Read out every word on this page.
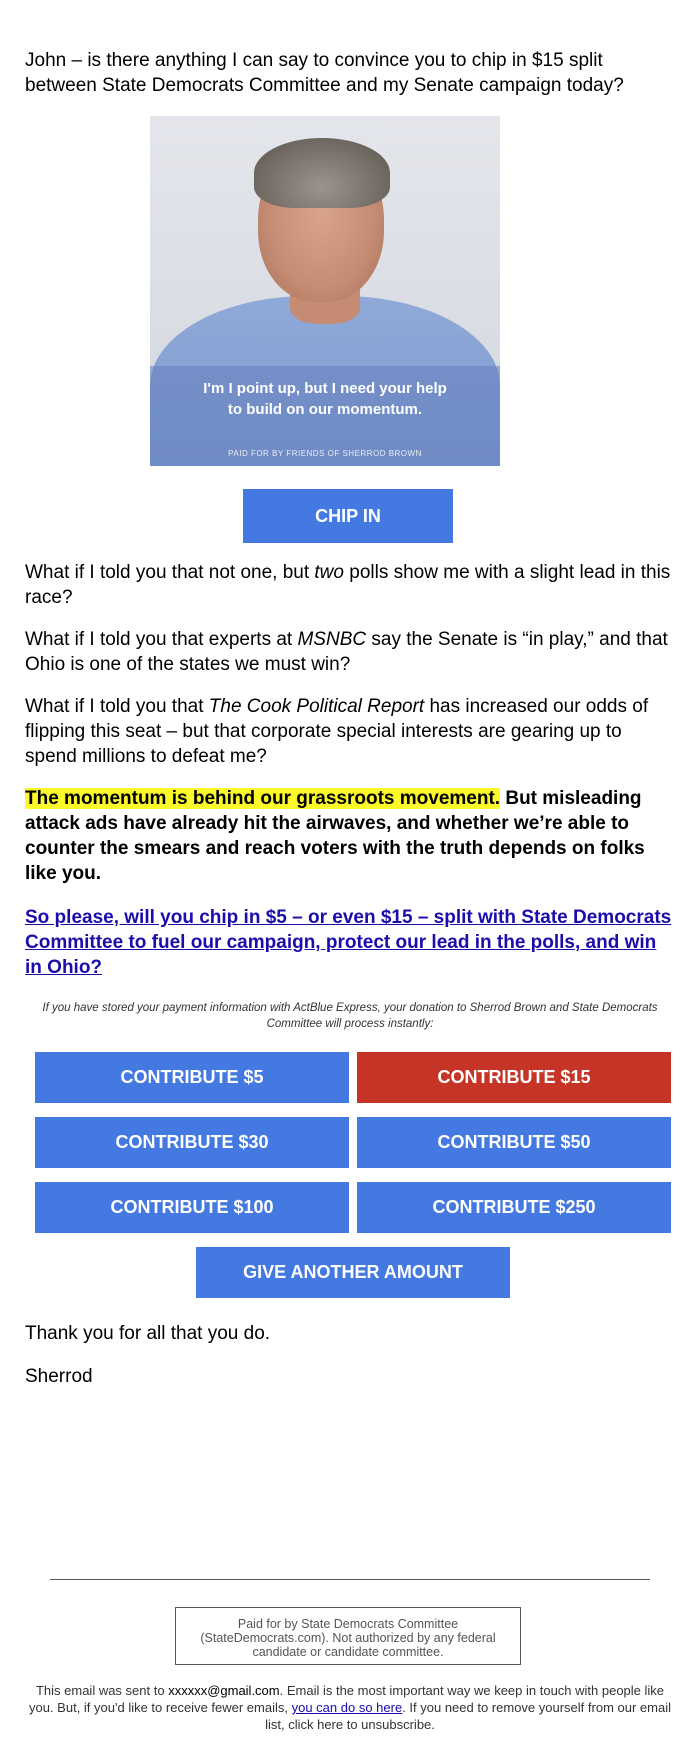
John – is there anything I can say to convince you to chip in $15 split between State Democrats Committee and my Senate campaign today?

I'm I point up, but I need your help
to build on our momentum.
PAID FOR BY FRIENDS OF SHERROD BROWN
CHIP IN

What if I told you that not one, but two polls show me with a slight lead in this race?

What if I told you that experts at MSNBC say the Senate is “in play,” and that Ohio is one of the states we must win?

What if I told you that The Cook Political Report has increased our odds of flipping this seat – but that corporate special interests are gearing up to spend millions to defeat me?

The momentum is behind our grassroots movement. But misleading attack ads have already hit the airwaves, and whether we’re able to counter the smears and reach voters with the truth depends on folks like you.

So please, will you chip in $5 – or even $15 – split with State Democrats Committee to fuel our campaign, protect our lead in the polls, and win in Ohio?

If you have stored your payment information with ActBlue Express, your donation to Sherrod Brown and State Democrats Committee will process instantly:
CONTRIBUTE $5	CONTRIBUTE $15
CONTRIBUTE $30	CONTRIBUTE $50
CONTRIBUTE $100	CONTRIBUTE $250
GIVE ANOTHER AMOUNT

Thank you for all that you do.

Sherrod

Paid for by State Democrats Committee (StateDemocrats.com). Not authorized by any federal candidate or candidate committee.
This email was sent to xxxxxx@gmail.com. Email is the most important way we keep in touch with people like you. But, if you'd like to receive fewer emails, you can do so here. If you need to remove yourself from our email list, click here to unsubscribe.
